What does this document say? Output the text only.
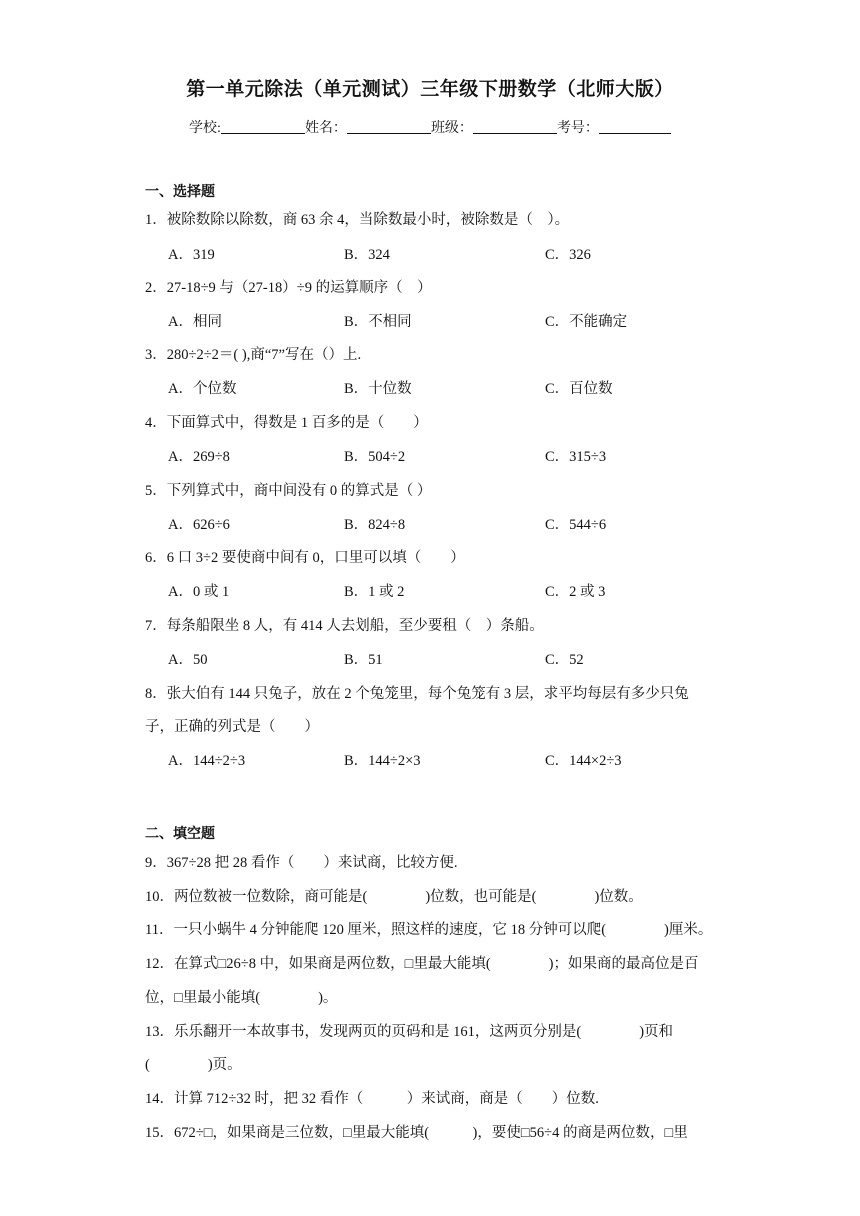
第一单元除法（单元测试）三年级下册数学（北师大版）
学校:	姓名：	班级：	考号：
一、选择题
1．被除数除以除数，商 63 余 4，当除数最小时，被除数是（　）。
A．319	B．324	C．326
2．27-18÷9 与（27-18）÷9 的运算顺序（　）
A．相同	B．不相同	C．不能确定
3．280÷2÷2＝( ),商“7”写在（）上.
A．个位数	B．十位数	C．百位数
4．下面算式中，得数是 1 百多的是（　　）
A．269÷8	B．504÷2	C．315÷3
5．下列算式中，商中间没有 0 的算式是（ ）
A．626÷6	B．824÷8	C．544÷6
6．6 口 3÷2 要使商中间有 0，口里可以填（　　）
A．0 或 1	B．1 或 2	C．2 或 3
7．每条船限坐 8 人，有 414 人去划船，至少要租（　）条船。
A．50	B．51	C．52
8．张大伯有 144 只兔子，放在 2 个兔笼里，每个兔笼有 3 层，求平均每层有多少只兔
子，正确的列式是（　　）
A．144÷2÷3	B．144÷2×3	C．144×2÷3
二、填空题
9．367÷28 把 28 看作（　　）来试商，比较方便.
10．两位数被一位数除，商可能是(　　　　)位数，也可能是(　　　　)位数。
11．一只小蜗牛 4 分钟能爬 120 厘米，照这样的速度，它 18 分钟可以爬(　　　　)厘米。
12．在算式□26÷8 中，如果商是两位数，□里最大能填(　　　　)；如果商的最高位是百
位，□里最小能填(　　　　)。
13．乐乐翻开一本故事书，发现两页的页码和是 161，这两页分别是(　　　　)页和
(　　　　)页。
14．计算 712÷32 时，把 32 看作（　　　）来试商，商是（　　）位数.
15．672÷□，如果商是三位数，□里最大能填(　　　)，要使□56÷4 的商是两位数，□里
